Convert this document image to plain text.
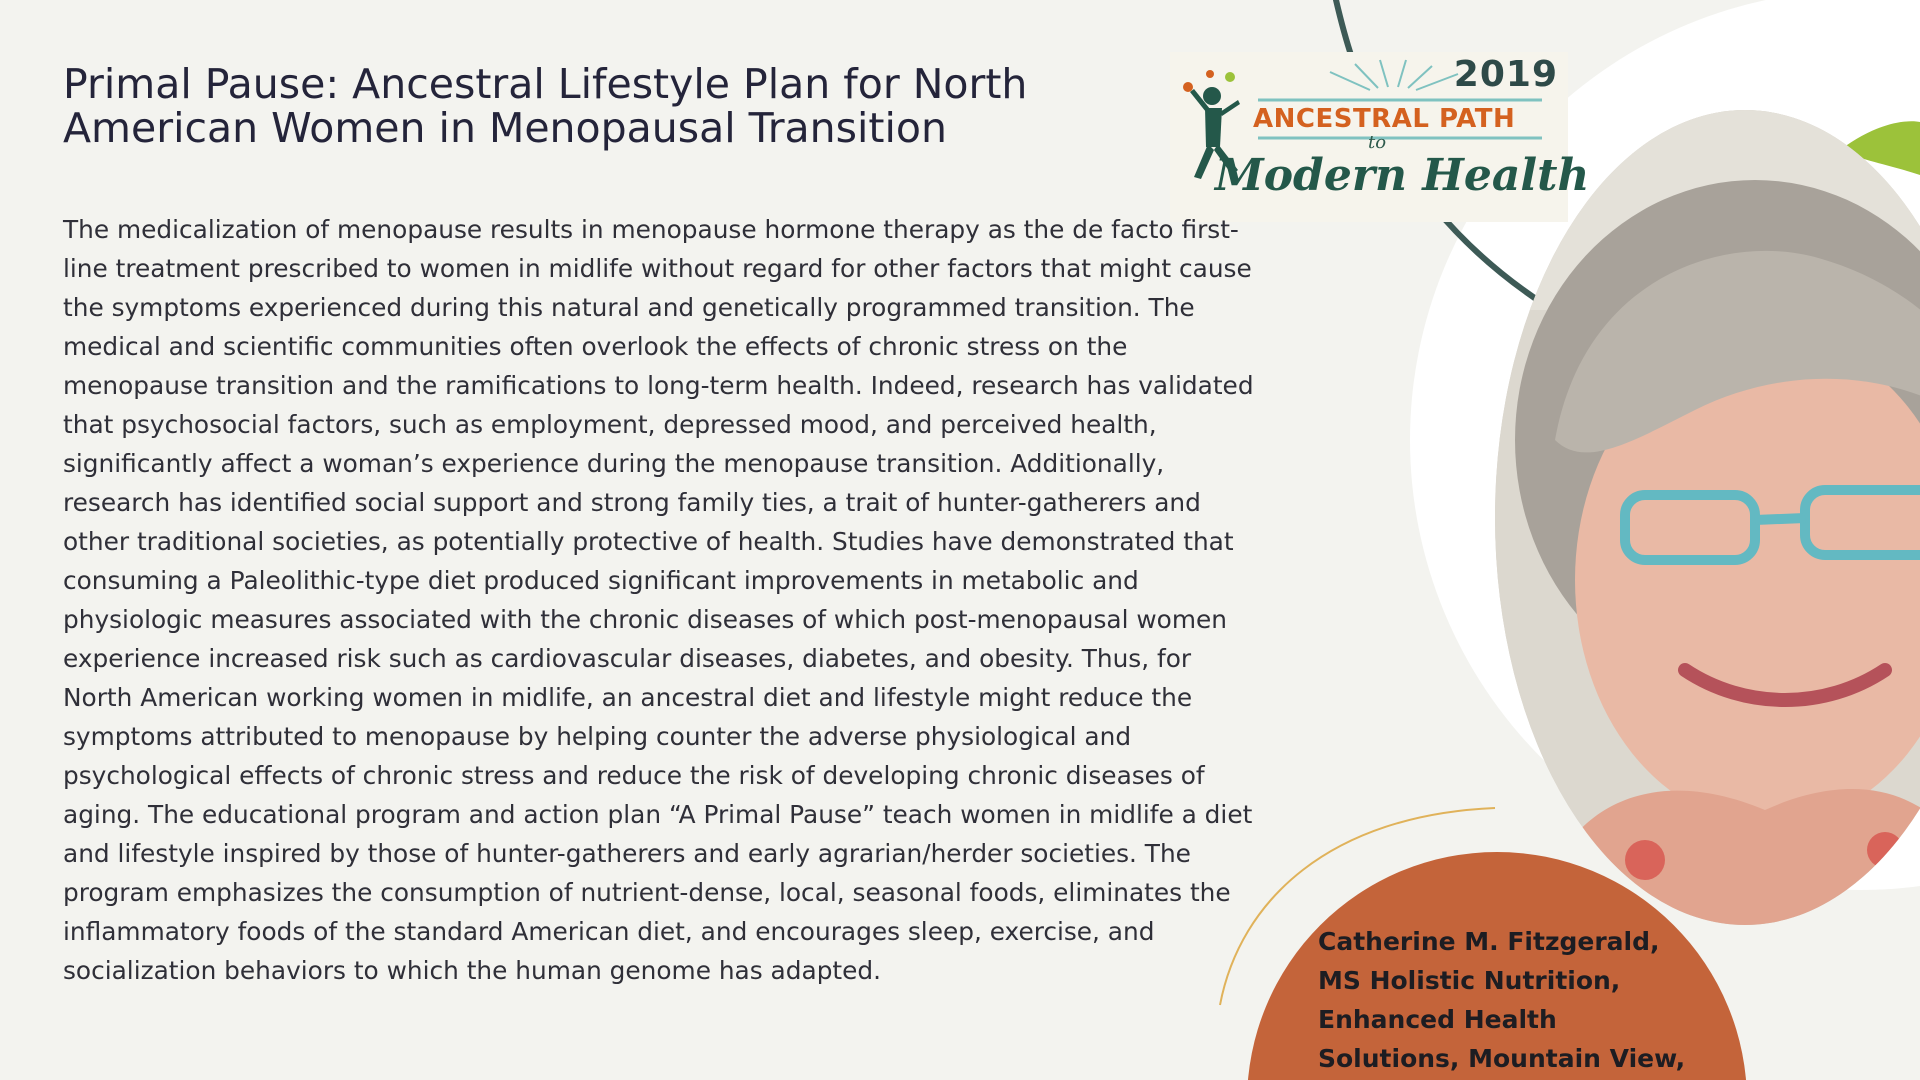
Catherine M. Fitzgerald,
MS Holistic Nutrition,
Enhanced Health
Solutions, Mountain View,
2019
ANCESTRAL PATH
to
Modern Health
Primal Pause: Ancestral Lifestyle Plan for North American Women in Menopausal Transition

The medicalization of menopause results in menopause hormone therapy as the de facto first-line treatment prescribed to women in midlife without regard for other factors that might cause the symptoms experienced during this natural and genetically programmed transition. The medical and scientific communities often overlook the effects of chronic stress on the menopause transition and the ramifications to long-term health. Indeed, research has validated that psychosocial factors, such as employment, depressed mood, and perceived health, significantly affect a woman’s experience during the menopause transition. Additionally, research has identified social support and strong family ties, a trait of hunter-gatherers and other traditional societies, as potentially protective of health. Studies have demonstrated that consuming a Paleolithic-type diet produced significant improvements in metabolic and physiologic measures associated with the chronic diseases of which post-menopausal women experience increased risk such as cardiovascular diseases, diabetes, and obesity. Thus, for North American working women in midlife, an ancestral diet and lifestyle might reduce the symptoms attributed to menopause by helping counter the adverse physiological and psychological effects of chronic stress and reduce the risk of developing chronic diseases of aging. The educational program and action plan “A Primal Pause” teach women in midlife a diet and lifestyle inspired by those of hunter-gatherers and early agrarian/herder societies. The program emphasizes the consumption of nutrient-dense, local, seasonal foods, eliminates the inflammatory foods of the standard American diet, and encourages sleep, exercise, and socialization behaviors to which the human genome has adapted.
